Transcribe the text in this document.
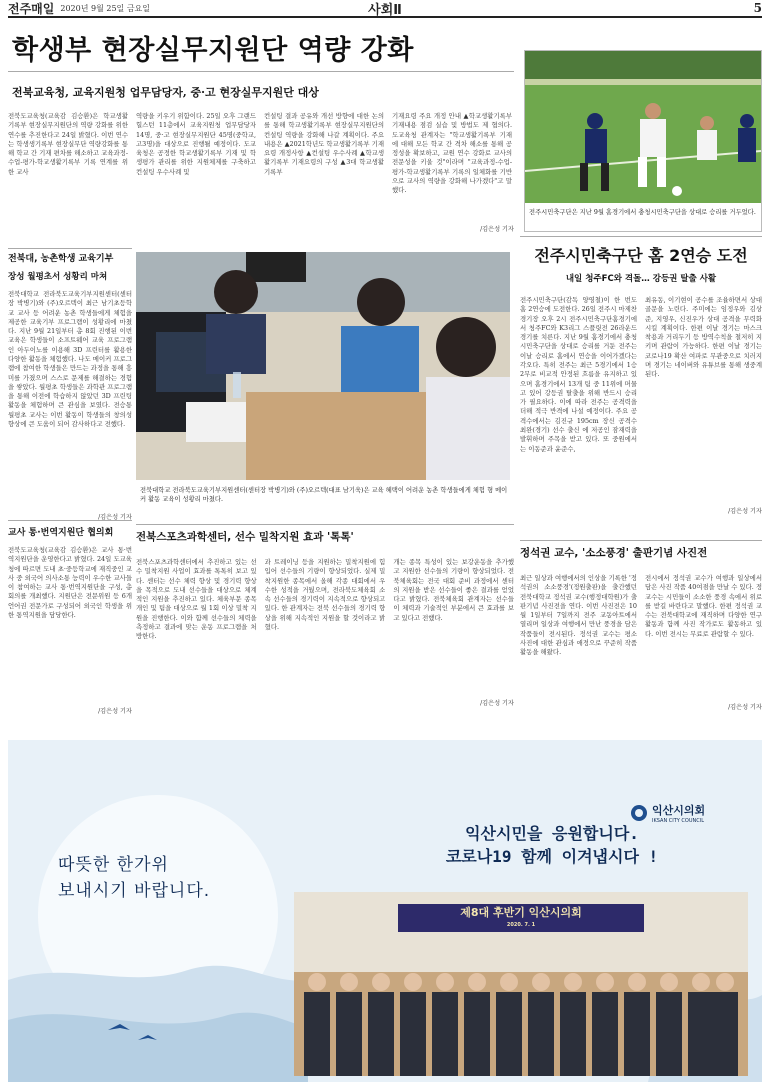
전주매일 2020년 9월 25일 금요일	사회Ⅱ	5
학생부 현장실무지원단 역량 강화
전북교육청, 교육지원청 업무담당자, 중·고 현장실무지원단 대상
전북도교육청(교육감 김승환)은 학교생활기록부 현장실무지원단의 역량 강화를 위한 연수를 추진한다고 24일 밝혔다. 이번 연수는 학생생기록부 현장실무단 역량강화를 통해 학교 간 기재 편차를 해소하고 교육과정-수업-평가-학교생활기록부 기록 연계를 위한 교사
역량을 키우기 위함이다. 25일 오후 그랜드힐스턴 11층에서 교육지원청 업무담당자 14명, 중·고 현장실무지원단 45명(중학교, 고3명)을 대상으로 진행될 예정이다. 도교육청은 공정한 학교생활기록부 기재 및 학생평가 관리를 위한 지원체제를 구축하고 컨설팅 우수사례 및
컨설팅 결과 공유와 개선 방향에 대한 논의를 통해 학교생활기록부 현장실무지원단의 컨설팅 역량을 강화해 나갈 계획이다. 주요 내용은 ▲2021학년도 학교생활기록부 기재요령 개정사항 ▲컨설팅 우수사례 ▲학교생활기록부 기재요령의 구성 ▲3대 학교생활기록부
기재요령 주요 개정 안내 ▲학교생활기록부 기재내용 점검 실습 및 방법도 제 협의다. 도교육청 관계자는 "학교생활기록부 기재에 대해 모든 학교 간 격차 해소를 통해 공정성을 확보하고, 교원 연수 강화로 교사의 전문성을 키울 것"이라며 "교육과정-수업-평가-학교생활기록부 기록의 일체화를 기반으로 교사의 역량을 강화해 나가겠다"고 말했다.
/김은성 기자
전주시민축구단은 지난 9월 홈경기에서 충청시민축구단을 상대로 승리를 거두었다.
전주시민축구단 홈 2연승 도전
내일 청주FC와 격돌… 강등권 탈출 사활
전주시민축구단(감독 양영철)이 한 번도 홈 2연승에 도전한다. 26일 전주시 마제찬 경기장 오후 2시 전주시민축구단홈경기에서 청주FC와 K3리그 스플릿전 26라운드 경기를 치른다. 지난 9월 홈경기에서 충청시민축구단을 상대로 승리를 거둔 전주는 이날 승리로 홈에서 연승을 이어가겠다는 각오다. 특히 전주는 최근 5경기에서 1승 2무로 비교적 안정된 흐름을 유지하고 있으며 홈경기에서 13개 팀 중 11위에 머물고 있어 강등권 탈출을 위해 반드시 승리가 필요하다. 이에 따라 전주는 공격력을 더해 적극 반격에 나설 예정이다. 주요 공격수에서는 김진규 195cm 장신 공격수 최완(경기) 선수 출신 에 저공인 잠재력을 발휘하며 주목을 받고 있다. 또 중원에서는 이동준과 윤준수,
최유동, 이기현이 공수를 조율하면서 상대 골문을 노린다. 주미에는 임정우와 김상준, 지영우, 신진우가 상대 공격을 무력화 시킬 계획이다. 한편 이날 경기는 마스크 착용과 거리두기 등 방역수칙을 철저히 지키며 관람이 가능하다. 한편 이날 경기는 코로나19 확산 여파로 무관중으로 치러지며 경기는 네이버와 유튜브를 통해 생중계된다.
/김은성 기자
전북대, 농촌학생 교육기부
장성 월평초서 성황리 마쳐
전북대학교 전라북도교육기부지원센터(센터장 박병기)와 (주)오르텍이 최근 남기초등학교 교사 등 어려운 농촌 학생들에게 체험을 제공한 교육기부 프로그램이 성황리에 마쳤다. 지난 9월 21일부터 총 8회 진행된 이번 교육은 학생들이 소프트웨어 교육 프로그램인 아두이노를 이용해 3D 프린터를 활용한 다양한 활동을 체험했다. 나도 메이커 프로그램에 참여한 학생들은 만드는 과정을 통해 흥미를 가졌으며 스스로 문제를 해결하는 경험을 쌓았다. 월평초 학생들은 과학관 프로그램을 통해 이전에 학습하지 않았던 3D 프린팅 활동을 체험하며 큰 관심을 보였다. 전승통 월평초 교사는 이번 활동이 학생들의 창의성 향상에 큰 도움이 되어 감사하다고 전했다.
/김은성 기자
전북대학교 전라북도교육기부지원센터(센터장 박병기)와 (주)오르텍(대표 남기욱)은 교육 혜택이 어려운 농촌 학생들에게 체험 형 메이커 활동 교육이 성황리 마쳤다.
교사 통·번역지원단 협의회
전북도교육청(교육감 김승환)은 교사 통·번역지원단을 운영한다고 밝혔다. 24일 도교육청에 따르면 도내 초·중등학교에 재직중인 교사 중 외국어 의사소통 능력이 우수한 교사들이 참여하는 교사 통·번역지원단을 구성, 총 회의를 개최했다. 지원단은 전문위원 등 6개 언어권 전문가로 구성되어 외국인 학생을 위한 통역지원을 담당한다.
/김은성 기자
전북스포츠과학센터, 선수 밀착지원 효과 '톡톡'
전북스포츠과학센터에서 추진하고 있는 선수 밀착지원 사업이 효과를 톡톡히 보고 있다. 센터는 선수 체력 향상 및 경기력 향상을 목적으로 도내 선수들을 대상으로 체계적인 지원을 추진하고 있다. 체육부문 종목 개인 및 팀을 대상으로 월 1회 이상 밀착 지원을 진행한다. 이와 함께 선수들의 체력을 측정하고 결과에 맞는 운동 프로그램을 처방한다.
과 트레이닝 등을 지원하는 밀착지원에 힘입어 선수들의 기량이 향상되었다. 실제 밀착지원한 종목에서 올해 각종 대회에서 우수한 성적을 거뒀으며, 전라북도체육회 소속 선수들의 경기력이 지속적으로 향상되고 있다. 한 관계자는 전북 선수들의 경기력 향상을 위해 지속적인 지원을 할 것이라고 밝혔다.
개는 종목 특성이 있는 보강운동을 추가했고 지원한 선수들의 기량이 향상되었다. 전북체육회는 전국 대회 준비 과정에서 센터의 지원을 받은 선수들이 좋은 결과를 얻었다고 밝혔다. 전북체육회 관계자는 선수들이 체력과 기술적인 부분에서 큰 효과를 보고 있다고 전했다.
/김은성 기자
정석권 교수, '소소풍경' 출판기념 사진전
최근 일상과 여행에서의 인상을 기록한 '정석권의 소소풍경'(정원출판)을 출간했던 전북대학교 정석권 교수(행정대학원)가 출판기념 사진전을 연다. 이번 사진전은 10월 1일부터 7일까지 전주 교동아트에서 열리며 일상과 여행에서 만난 풍경을 담은 작품들이 전시된다. 정석권 교수는 평소 사진에 대한 관심과 애정으로 꾸준히 작품 활동을 해왔다.
전시에서 정석권 교수가 여행과 일상에서 담은 사진 작품 40여점을 만날 수 있다. 정 교수는 시민들이 소소한 풍경 속에서 위로를 받길 바란다고 말했다. 한편 정석권 교수는 전북대학교에 재직하며 다양한 연구 활동과 함께 사진 작가로도 활동하고 있다. 이번 전시는 무료로 관람할 수 있다.
/김은성 기자
따뜻한 한가위
보내시기 바랍니다.
익산시의회
IKSAN CITY COUNCIL
익산시민을 응원합니다.
코로나19 함께 이겨냅시다 !
제8대 후반기 익산시의회
2020. 7. 1
